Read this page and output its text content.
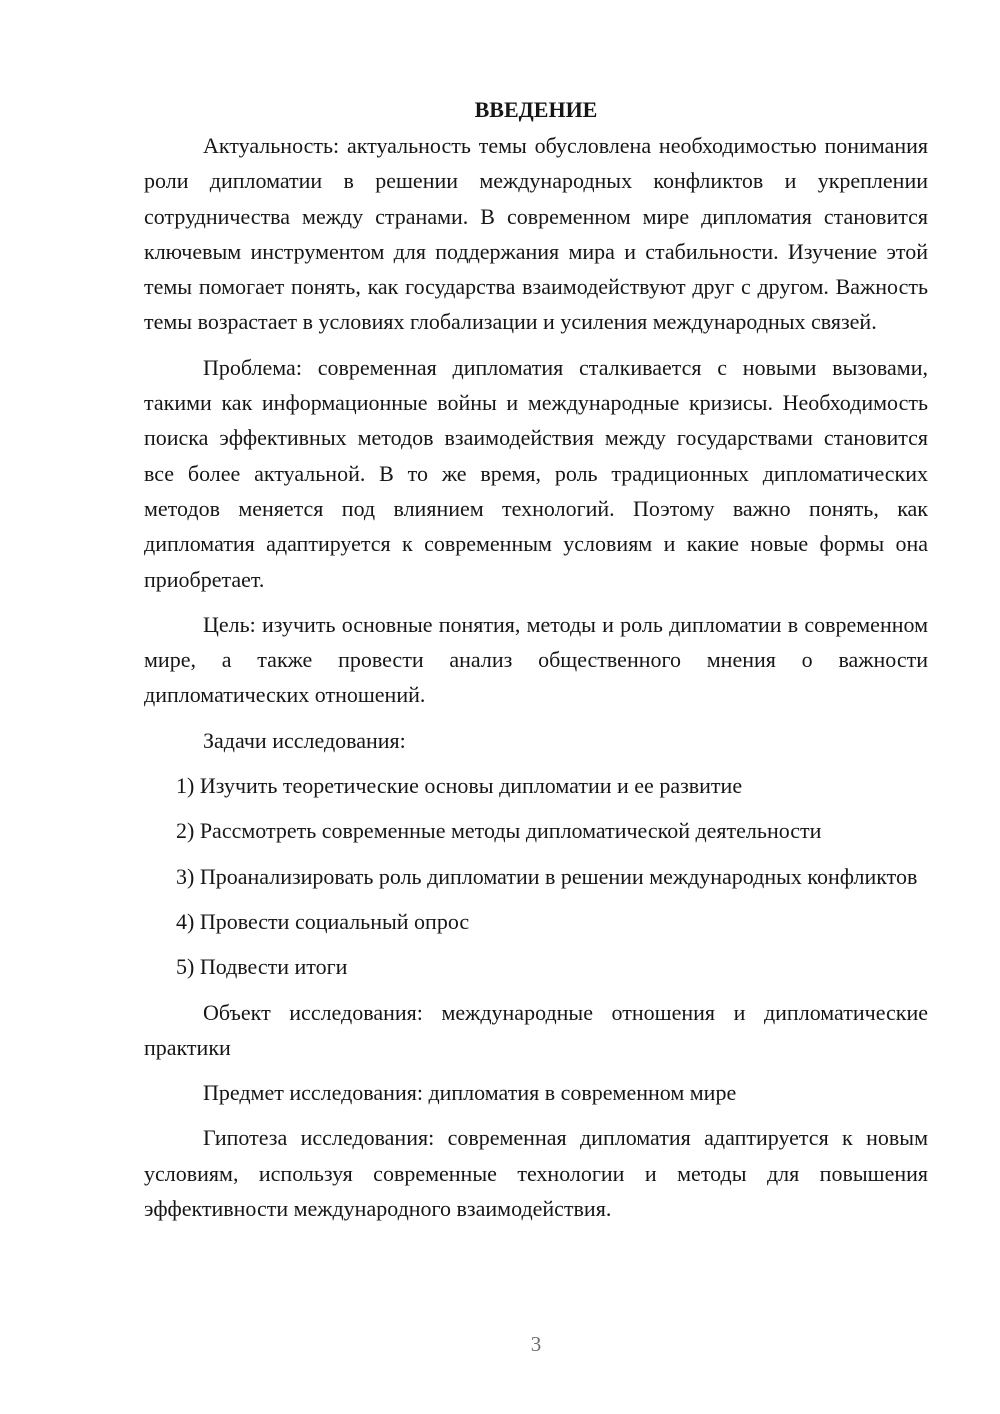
ВВЕДЕНИЕ

Актуальность: актуальность темы обусловлена необходимостью понимания роли дипломатии в решении международных конфликтов и укреплении сотрудничества между странами. В современном мире дипломатия становится ключевым инструментом для поддержания мира и стабильности. Изучение этой темы помогает понять, как государства взаимодействуют друг с другом. Важность темы возрастает в условиях глобализации и усиления международных связей.

Проблема: современная дипломатия сталкивается с новыми вызовами, такими как информационные войны и международные кризисы. Необходимость поиска эффективных методов взаимодействия между государствами становится все более актуальной. В то же время, роль традиционных дипломатических методов меняется под влиянием технологий. Поэтому важно понять, как дипломатия адаптируется к современным условиям и какие новые формы она приобретает.

Цель: изучить основные понятия, методы и роль дипломатии в современном мире, а также провести анализ общественного мнения о важности дипломатических отношений.

Задачи исследования:

1) Изучить теоретические основы дипломатии и ее развитие

2) Рассмотреть современные методы дипломатической деятельности

3) Проанализировать роль дипломатии в решении международных конфликтов

4) Провести социальный опрос

5) Подвести итоги

Объект исследования: международные отношения и дипломатические практики

Предмет исследования: дипломатия в современном мире

Гипотеза исследования: современная дипломатия адаптируется к новым условиям, используя современные технологии и методы для повышения эффективности международного взаимодействия.

3
